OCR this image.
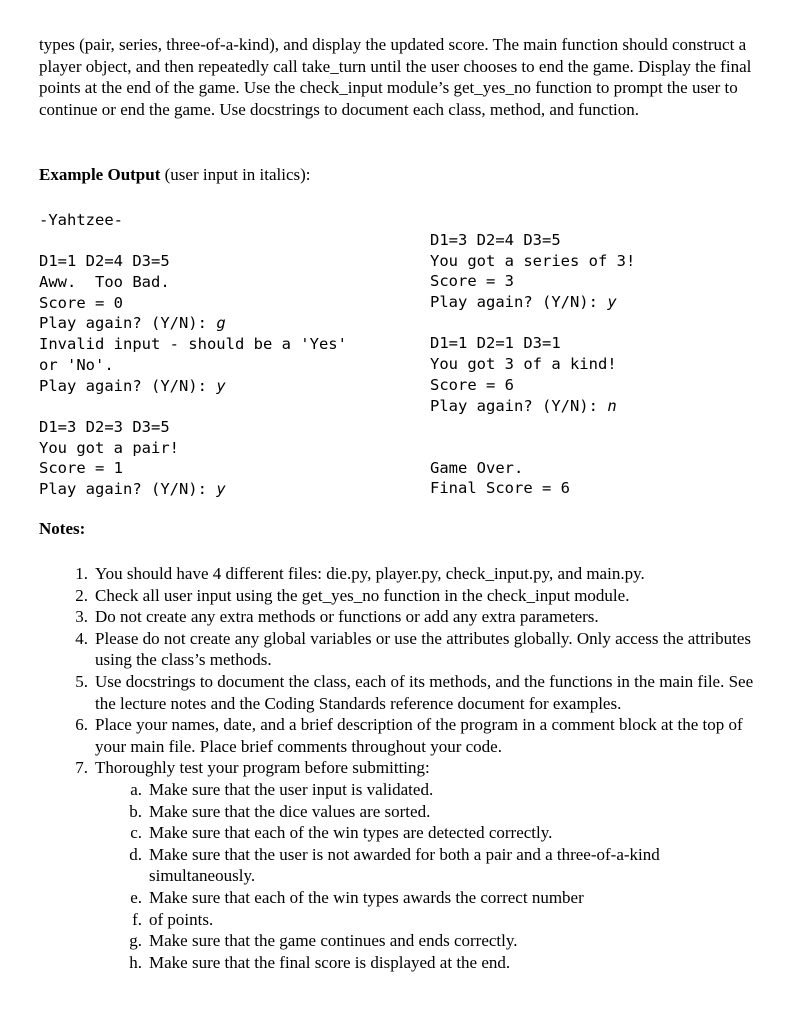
types (pair, series, three-of-a-kind), and display the updated score. The main function should construct a player object, and then repeatedly call take_turn until the user chooses to end the game. Display the final points at the end of the game. Use the check_input module’s get_yes_no function to prompt the user to continue or end the game. Use docstrings to document each class, method, and function.

Example Output (user input in italics):

-Yahtzee-
D1=1 D2=4 D3=5
Aww.  Too Bad.
Score = 0
Play again? (Y/N): g
Invalid input - should be a 'Yes'
or 'No'.
Play again? (Y/N): y
D1=3 D2=3 D3=5
You got a pair!
Score = 1
Play again? (Y/N): y
D1=3 D2=4 D3=5
You got a series of 3!
Score = 3
Play again? (Y/N): y
D1=1 D2=1 D3=1
You got 3 of a kind!
Score = 6
Play again? (Y/N): n
Game Over.
Final Score = 6

Notes:

1. You should have 4 different files: die.py, player.py, check_input.py, and main.py.
2. Check all user input using the get_yes_no function in the check_input module.
3. Do not create any extra methods or functions or add any extra parameters.
4. Please do not create any global variables or use the attributes globally. Only access the attributes using the class’s methods.
5. Use docstrings to document the class, each of its methods, and the functions in the main file. See the lecture notes and the Coding Standards reference document for examples.
6. Place your names, date, and a brief description of the program in a comment block at the top of your main file. Place brief comments throughout your code.
7. Thoroughly test your program before submitting:
a. Make sure that the user input is validated.
b. Make sure that the dice values are sorted.
c. Make sure that each of the win types are detected correctly.
d. Make sure that the user is not awarded for both a pair and a three-of-a-kind simultaneously.
e. Make sure that each of the win types awards the correct number
f. of points.
g. Make sure that the game continues and ends correctly.
h. Make sure that the final score is displayed at the end.
